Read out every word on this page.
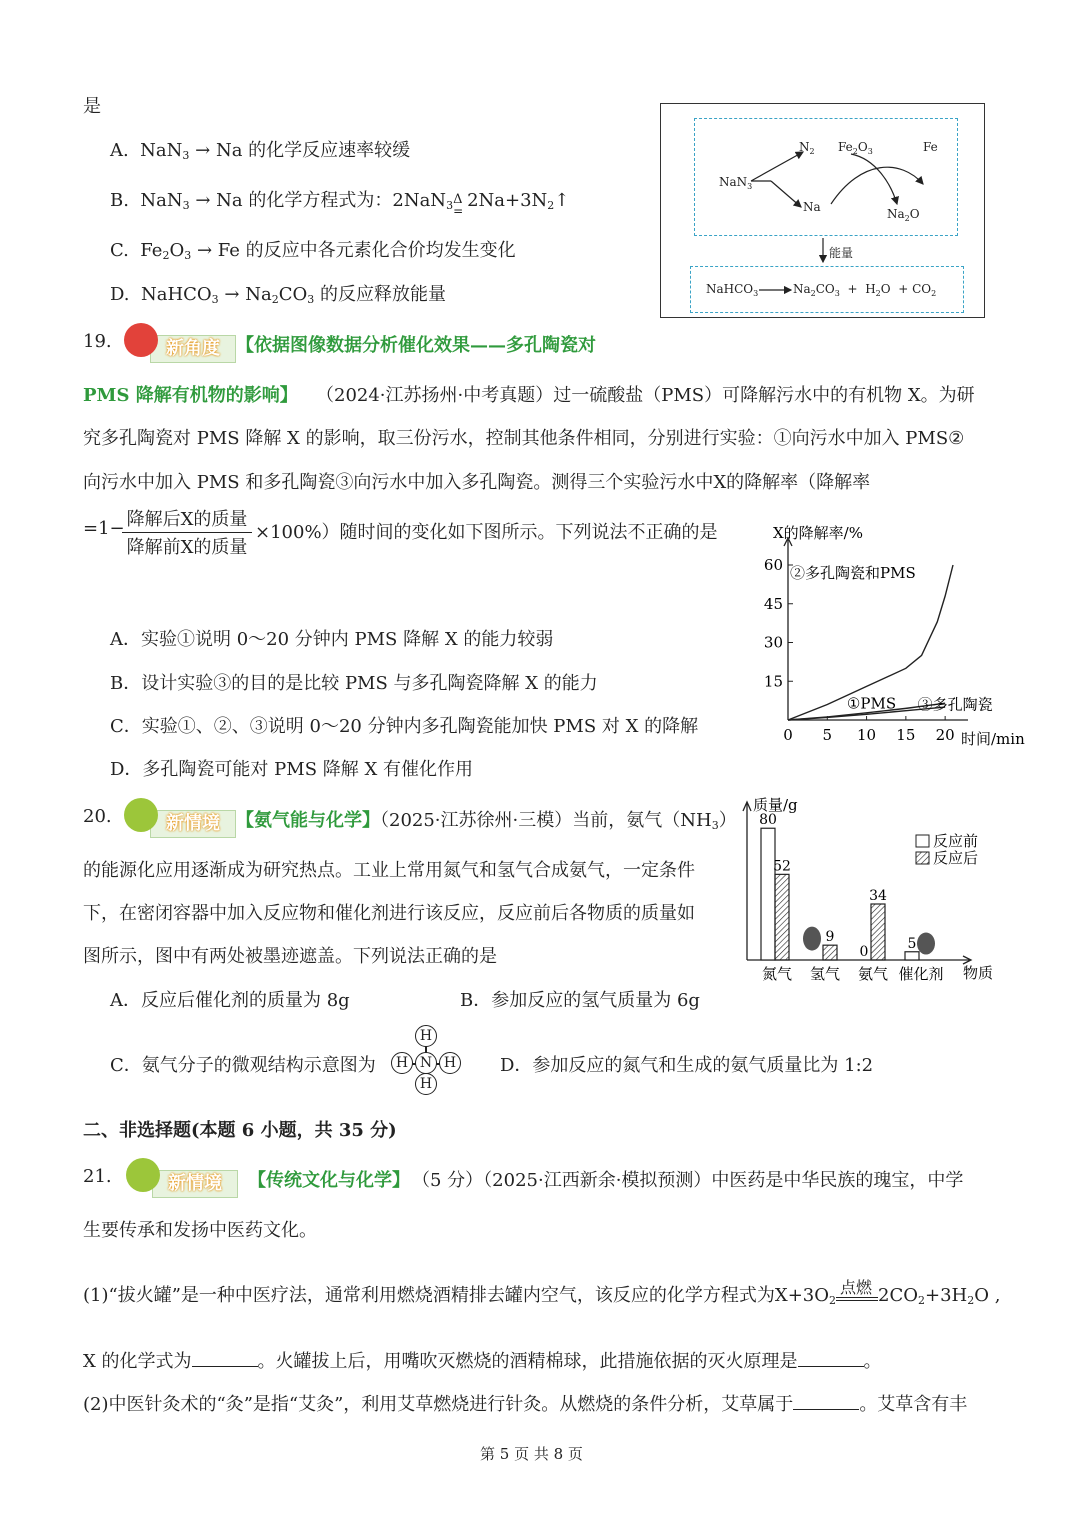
是
A.  NaN$_3$ → Na 的化学反应速率较缓
B.  NaN$_3$ → Na 的化学方程式为：2NaN$_3$ Δ
= $2Na+3N_2↑$
C.  $Fe_2O_3 \to Fe$ 的反应中各元素化合价均发生变化
D.  NaHCO$_3$ → $Na_2CO_3$ 的反应释放能量
NaN$_3$
$N_2$
Na
$Fe_2O_3$	Fe
$Na_2O$
能量
NaHCO$_3$	$Na_2CO_3 + H_2O + CO_2$
19.	新角度 【依据图像数据分析催化效果——多孔陶瓷对
PMS 降解有机物的影响】 （2024·江苏扬州·中考真题）过一硫酸盐（PMS）可降解污水中的有机物 X。为研
究多孔陶瓷对 PMS 降解 X 的影响，取三份污水，控制其他条件相同，分别进行实验：①向污水中加入 PMS②
向污水中加入 PMS 和多孔陶瓷③向污水中加入多孔陶瓷。测得三个实验污水中X的降解率（降解率
=1− 降解后X的质量
降解前X的质量
×100%）随时间的变化如下图所示。下列说法不正确的是
A．实验①说明 0～20 分钟内 PMS 降解 X 的能力较弱
B．设计实验③的目的是比较 PMS 与多孔陶瓷降解 X 的能力
C．实验①、②、③说明 0～20 分钟内多孔陶瓷能加快 PMS 对 X 的降解
D．多孔陶瓷可能对 PMS 降解 X 有催化作用
X的降解率/%
时间/min
15
30
45
60
0 5 10 15 20
②多孔陶瓷和PMS
①PMS ③多孔陶瓷
20.	新情境 【氨气能与化学】（2025·江苏徐州·三模）当前，氨气$(NH_3)$
的能源化应用逐渐成为研究热点。工业上常用氮气和氢气合成氨气，一定条件
下，在密闭容器中加入反应物和催化剂进行该反应，反应前后各物质的质量如
图所示，图中有两处被墨迹遮盖。下列说法正确的是
A．反应后催化剂的质量为 8g	B．参加反应的氢气质量为 6g
C．氨气分子的微观结构示意图为	D．参加反应的氮气和生成的氨气质量比为 1:2
H
N
H	H
H
质量/g
物质
氮气
80
52
氢气
9
氨气
0
34
催化剂
5
反应前
反应后
二、非选择题(本题 6 小题，共 35 分)
21.	新情境	【传统文化与化学】 （5 分）（2025·江西新余·模拟预测）中医药是中华民族的瑰宝，中学
生要传承和发扬中医药文化。
(1)“拔火罐”是一种中医疗法，通常利用燃烧酒精排去罐内空气，该反应的化学方程式为$X+3O_2$
点燃 $2CO_2+3H_2O$ ,
X 的化学式为	。火罐拔上后，用嘴吹灭燃烧的酒精棉球，此措施依据的灭火原理是	。
(2)中医针灸术的“灸”是指“艾灸”，利用艾草燃烧进行针灸。从燃烧的条件分析，艾草属于	。艾草含有丰
第 5 页 共 8 页
